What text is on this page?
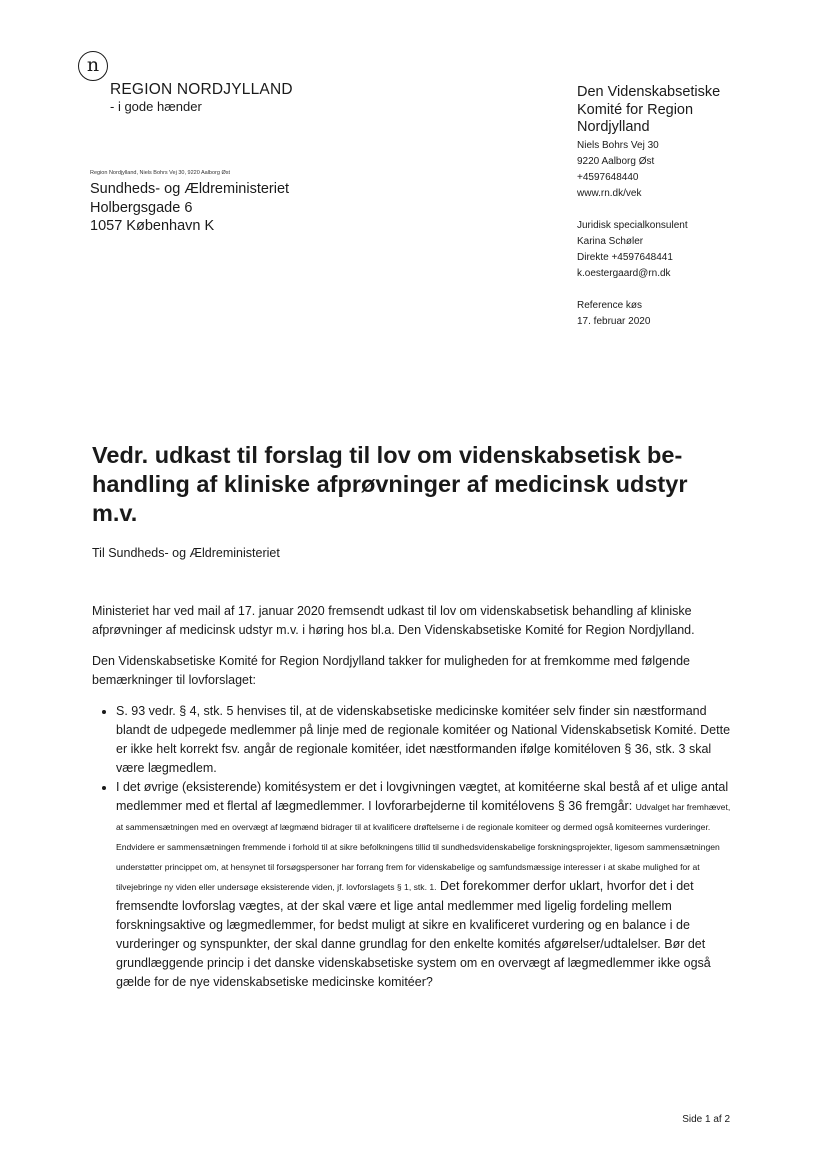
n
REGION NORDJYLLAND
- i gode hænder
Region Nordjylland, Niels Bohrs Vej 30, 9220 Aalborg Øst
Sundheds- og Ældreministeriet
Holbergsgade 6
1057 København K
Den Videnskabsetiske
Komité for Region
Nordjylland
Niels Bohrs Vej 30
9220 Aalborg Øst
+4597648440
www.rn.dk/vek
Juridisk specialkonsulent
Karina Schøler
Direkte +4597648441
k.oestergaard@rn.dk
Reference køs
17. februar 2020
Vedr. udkast til forslag til lov om videnskabsetisk be-handling af kliniske afprøvninger af medicinsk udstyr m.v.
Til Sundheds- og Ældreministeriet

Ministeriet har ved mail af 17. januar 2020 fremsendt udkast til lov om videnskabsetisk behandling af kliniske afprøvninger af medicinsk udstyr m.v. i høring hos bl.a. Den Videnskabsetiske Komité for Region Nordjylland.

Den Videnskabsetiske Komité for Region Nordjylland takker for muligheden for at fremkomme med følgende bemærkninger til lovforslaget:

• S. 93 vedr. § 4, stk. 5 henvises til, at de videnskabsetiske medicinske komitéer selv finder sin næstformand blandt de udpegede medlemmer på linje med de regionale komitéer og National Videnskabsetisk Komité. Dette er ikke helt korrekt fsv. angår de regionale komitéer, idet næstformanden ifølge komitéloven § 36, stk. 3 skal være lægmedlem.
• I det øvrige (eksisterende) komitésystem er det i lovgivningen vægtet, at komitéerne skal bestå af et ulige antal medlemmer med et flertal af lægmedlemmer. I lovforarbejderne til komitélovens § 36 fremgår: Udvalget har fremhævet, at sammensætningen med en overvægt af lægmænd bidrager til at kvalificere drøftelserne i de regionale komiteer og dermed også komiteernes vurderinger. Endvidere er sammensætningen fremmende i forhold til at sikre befolkningens tillid til sundhedsvidenskabelige forskningsprojekter, ligesom sammensætningen understøtter princippet om, at hensynet til forsøgspersoner har forrang frem for videnskabelige og samfundsmæssige interesser i at skabe mulighed for at tilvejebringe ny viden eller undersøge eksisterende viden, jf. lovforslagets § 1, stk. 1. Det forekommer derfor uklart, hvorfor det i det fremsendte lovforslag vægtes, at der skal være et lige antal medlemmer med ligelig fordeling mellem forskningsaktive og lægmedlemmer, for bedst muligt at sikre en kvalificeret vurdering og en balance i de vurderinger og synspunkter, der skal danne grundlag for den enkelte komités afgørelser/udtalelser. Bør det grundlæggende princip i det danske videnskabsetiske system om en overvægt af lægmedlemmer ikke også gælde for de nye videnskabsetiske medicinske komitéer?
Side 1 af 2
